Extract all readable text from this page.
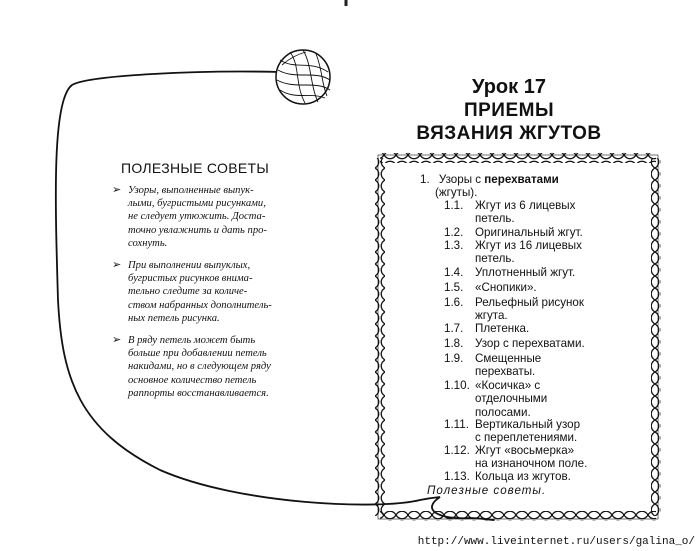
ПОЛЕЗНЫЕ СОВЕТЫ
➢ Узоры, выполненные выпук-
лыми, бугристыми рисунками,
не следует утюжить. Доста-
точно увлажнить и дать про-
сохнуть.
➢ При выполнении выпуклых,
бугристых рисунков внима-
тельно следите за количе-
ством набранных дополнитель-
ных петель рисунка.
➢ В ряду петель может быть
больше при добавлении петель
накидами, но в следующем ряду
основное количество петель
раппорты восстанавливается.
Урок 17
ПРИЕМЫ
ВЯЗАНИЯ ЖГУТОВ
1. Узоры с перехватами
(жгуты).
1.1.	Жгут из 6 лицевых
петель.
1.2.	Оригинальный жгут.
1.3.	Жгут из 16 лицевых
петель.
1.4.	Уплотненный жгут.
1.5.	«Снопики».
1.6.	Рельефный рисунок
жгута.
1.7.	Плетенка.
1.8.	Узор с перехватами.
1.9.	Смещенные
перехваты.
1.10. «Косичка» с
отделочными
полосами.
1.11. Вертикальный узор
с переплетениями.
1.12. Жгут «восьмерка»
на изнаночном поле.
1.13. Кольца из жгутов.
Полезные советы.
http://www.liveinternet.ru/users/galina_o/
